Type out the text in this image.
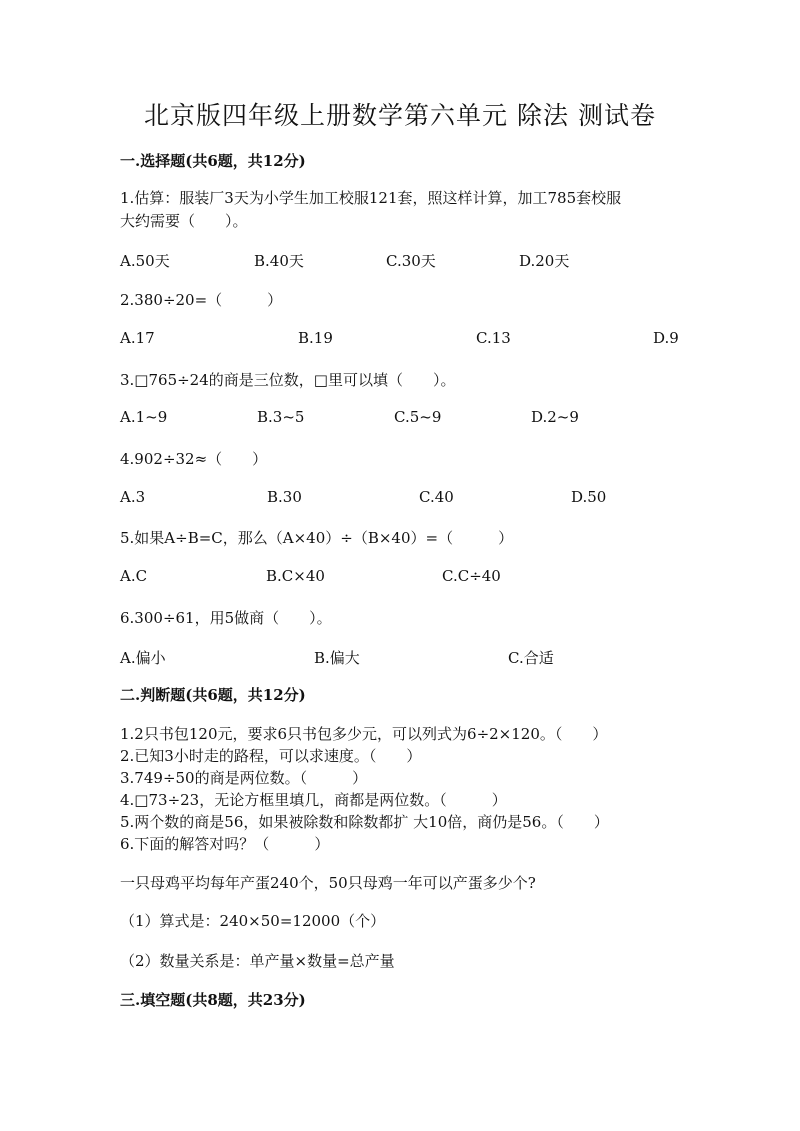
北京版四年级上册数学第六单元 除法 测试卷
一.选择题(共6题，共12分)
1.估算：服装厂3天为小学生加工校服121套，照这样计算，加工785套校服
大约需要（　　）。
A.50天	B.40天	C.30天	D.20天
2.380÷20=（　　　）
A.17	B.19	C.13	D.9
3.□765÷24的商是三位数，□里可以填（　　）。
A.1~9	B.3~5	C.5~9	D.2~9
4.902÷32≈（　　）
A.3	B.30	C.40	D.50
5.如果A÷B=C，那么（A×40）÷（B×40）=（　　　）
A.C	B.C×40	C.C÷40
6.300÷61，用5做商（　　）。
A.偏小	B.偏大	C.合适
二.判断题(共6题，共12分)
1.2只书包120元，要求6只书包多少元，可以列式为6÷2×120。（　　）
2.已知3小时走的路程，可以求速度。（　　）
3.749÷50的商是两位数。（　　　）
4.□73÷23，无论方框里填几，商都是两位数。（　　　）
5.两个数的商是56，如果被除数和除数都扩 大10倍，商仍是56。（　　）
6.下面的解答对吗？（　　　）
一只母鸡平均每年产蛋240个，50只母鸡一年可以产蛋多少个?
（1）算式是：240×50=12000（个）
（2）数量关系是：单产量×数量=总产量
三.填空题(共8题，共23分)
